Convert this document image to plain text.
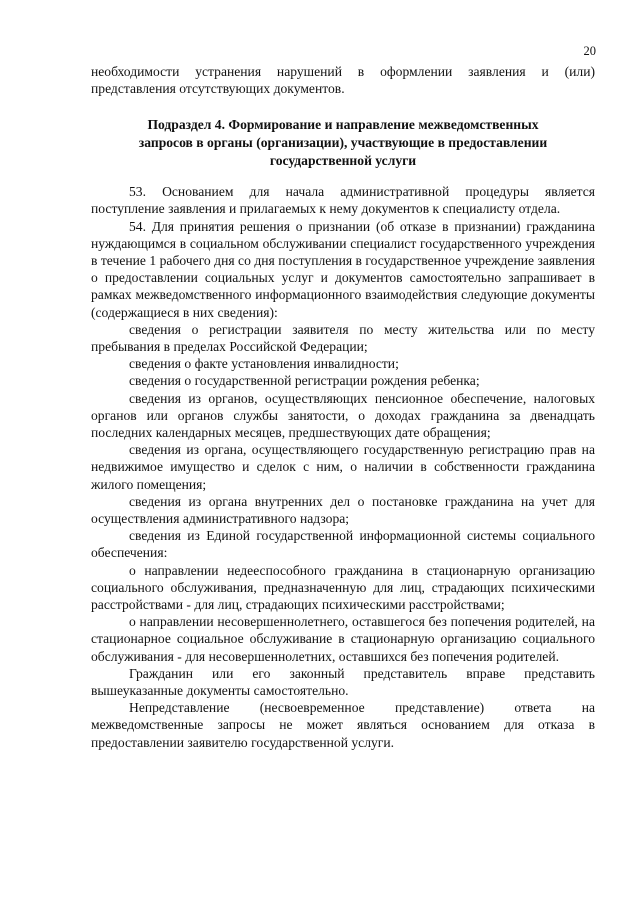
20

необходимости устранения нарушений в оформлении заявления и (или) представления отсутствующих документов.

Подраздел 4. Формирование и направление межведомственных
запросов в органы (организации), участвующие в предоставлении
государственной услуги

53. Основанием для начала административной процедуры является поступление заявления и прилагаемых к нему документов к специалисту отдела.

54. Для принятия решения о признании (об отказе в признании) гражданина нуждающимся в социальном обслуживании специалист государственного учреждения в течение 1 рабочего дня со дня поступления в государственное учреждение заявления о предоставлении социальных услуг и документов самостоятельно запрашивает в рамках межведомственного информационного взаимодействия следующие документы (содержащиеся в них сведения):

сведения о регистрации заявителя по месту жительства или по месту пребывания в пределах Российской Федерации;

сведения о факте установления инвалидности;

сведения о государственной регистрации рождения ребенка;

сведения из органов, осуществляющих пенсионное обеспечение, налоговых органов или органов службы занятости, о доходах гражданина за двенадцать последних календарных месяцев, предшествующих дате обращения;

сведения из органа, осуществляющего государственную регистрацию прав на недвижимое имущество и сделок с ним, о наличии в собственности гражданина жилого помещения;

сведения из органа внутренних дел о постановке гражданина на учет для осуществления административного надзора;

сведения из Единой государственной информационной системы социального обеспечения:

о направлении недееспособного гражданина в стационарную организацию социального обслуживания, предназначенную для лиц, страдающих психическими расстройствами - для лиц, страдающих психическими расстройствами;

о направлении несовершеннолетнего, оставшегося без попечения родителей, на стационарное социальное обслуживание в стационарную организацию социального обслуживания - для несовершеннолетних, оставшихся без попечения родителей.

Гражданин или его законный представитель вправе представить вышеуказанные документы самостоятельно.

Непредставление (несвоевременное представление) ответа на межведомственные запросы не может являться основанием для отказа в предоставлении заявителю государственной услуги.
